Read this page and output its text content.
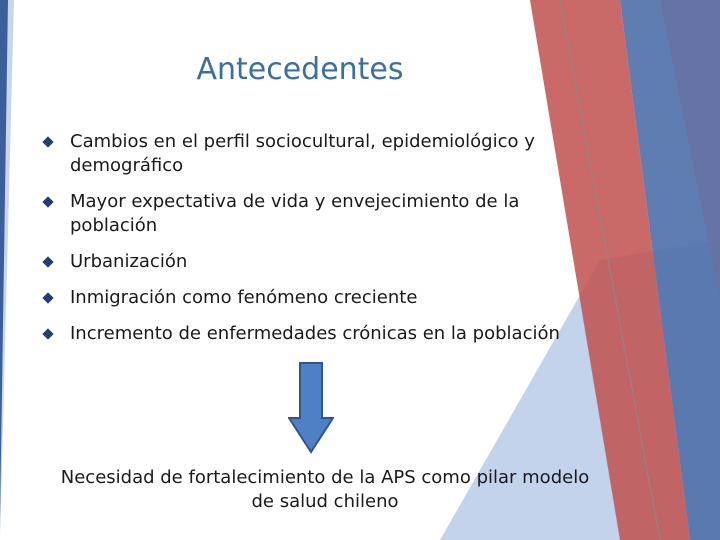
Antecedentes
Cambios en el perfil sociocultural, epidemiológico y demográfico
Mayor expectativa de vida y envejecimiento de la población
Urbanización
Inmigración como fenómeno creciente
Incremento de enfermedades crónicas en la población

Necesidad de fortalecimiento de la APS como pilar modelo de salud chileno
